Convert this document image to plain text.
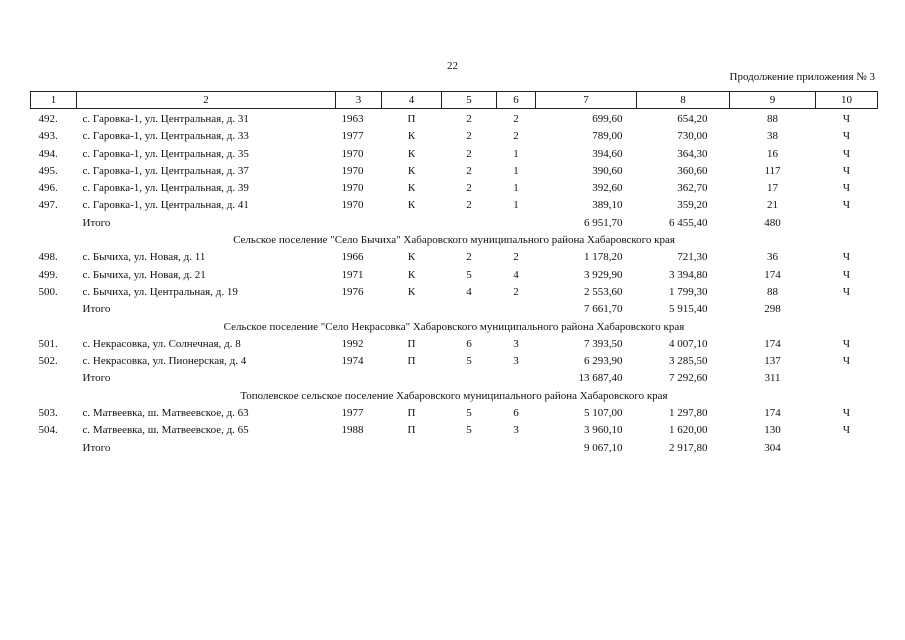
22
Продолжение приложения № 3
1	2	3	4	5	6	7	8	9	10
492.	с. Гаровка-1, ул. Центральная, д. 31	1963	П	2	2	699,60	654,20	88	Ч
493.	с. Гаровка-1, ул. Центральная, д. 33	1977	К	2	2	789,00	730,00	38	Ч
494.	с. Гаровка-1, ул. Центральная, д. 35	1970	К	2	1	394,60	364,30	16	Ч
495.	с. Гаровка-1, ул. Центральная, д. 37	1970	К	2	1	390,60	360,60	117	Ч
496.	с. Гаровка-1, ул. Центральная, д. 39	1970	К	2	1	392,60	362,70	17	Ч
497.	с. Гаровка-1, ул. Центральная, д. 41	1970	К	2	1	389,10	359,20	21	Ч
	Итого					6 951,70	6 455,40	480	
Сельское поселение "Село Бычиха" Хабаровского муниципального района Хабаровского края									
498.	с. Бычиха, ул. Новая, д. 11	1966	К	2	2	1 178,20	721,30	36	Ч
499.	с. Бычиха, ул. Новая, д. 21	1971	К	5	4	3 929,90	3 394,80	174	Ч
500.	с. Бычиха, ул. Центральная, д. 19	1976	К	4	2	2 553,60	1 799,30	88	Ч
	Итого					7 661,70	5 915,40	298	
Сельское поселение "Село Некрасовка" Хабаровского муниципального района Хабаровского края									
501.	с. Некрасовка, ул. Солнечная, д. 8	1992	П	6	3	7 393,50	4 007,10	174	Ч
502.	с. Некрасовка, ул. Пионерская, д. 4	1974	П	5	3	6 293,90	3 285,50	137	Ч
	Итого					13 687,40	7 292,60	311	
Тополевское сельское поселение Хабаровского муниципального района Хабаровского края									
503.	с. Матвеевка, ш. Матвеевское, д. 63	1977	П	5	6	5 107,00	1 297,80	174	Ч
504.	с. Матвеевка, ш. Матвеевское, д. 65	1988	П	5	3	3 960,10	1 620,00	130	Ч
	Итого					9 067,10	2 917,80	304	
